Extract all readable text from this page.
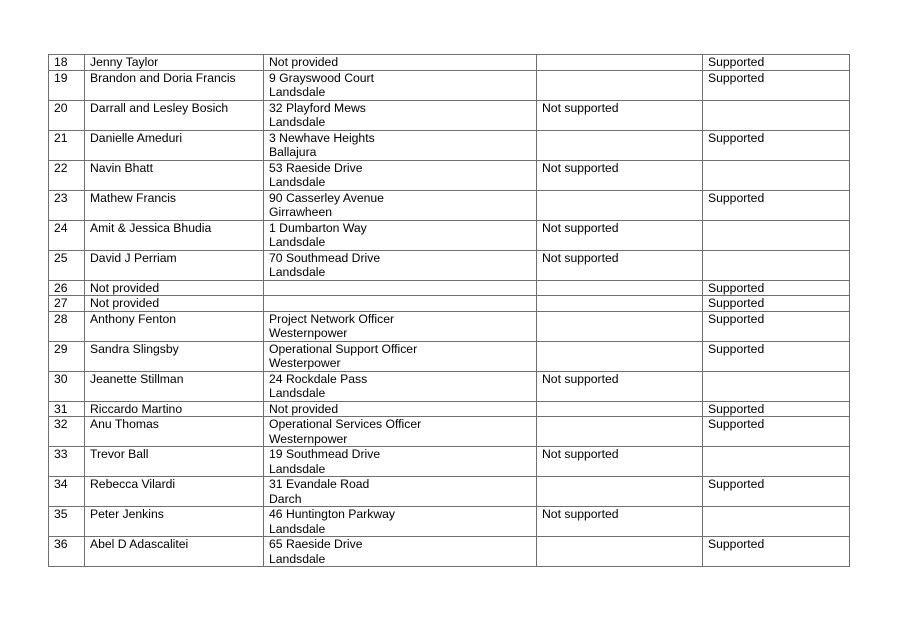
18	Jenny Taylor	Not provided		Supported

19	Brandon and Doria Francis	9 Grayswood Court
Landsdale		Supported

20	Darrall and Lesley Bosich	32 Playford Mews
Landsdale	Not supported	

21	Danielle Ameduri	3 Newhave Heights
Ballajura		Supported

22	Navin Bhatt	53 Raeside Drive
Landsdale	Not supported	

23	Mathew Francis	90 Casserley Avenue
Girrawheen		Supported

24	Amit & Jessica Bhudia	1 Dumbarton Way
Landsdale	Not supported	

25	David J Perriam	70 Southmead Drive
Landsdale	Not supported	

26	Not provided			Supported

27	Not provided			Supported

28	Anthony Fenton	Project Network Officer
Westernpower		Supported

29	Sandra Slingsby	Operational Support Officer
Westerpower		Supported

30	Jeanette Stillman	24 Rockdale Pass
Landsdale	Not supported	

31	Riccardo Martino	Not provided		Supported

32	Anu Thomas	Operational Services Officer
Westernpower		Supported

33	Trevor Ball	19 Southmead Drive
Landsdale	Not supported	

34	Rebecca Vilardi	31 Evandale Road
Darch		Supported

35	Peter Jenkins	46 Huntington Parkway
Landsdale	Not supported	

36	Abel D Adascalitei	65 Raeside Drive
Landsdale		Supported
